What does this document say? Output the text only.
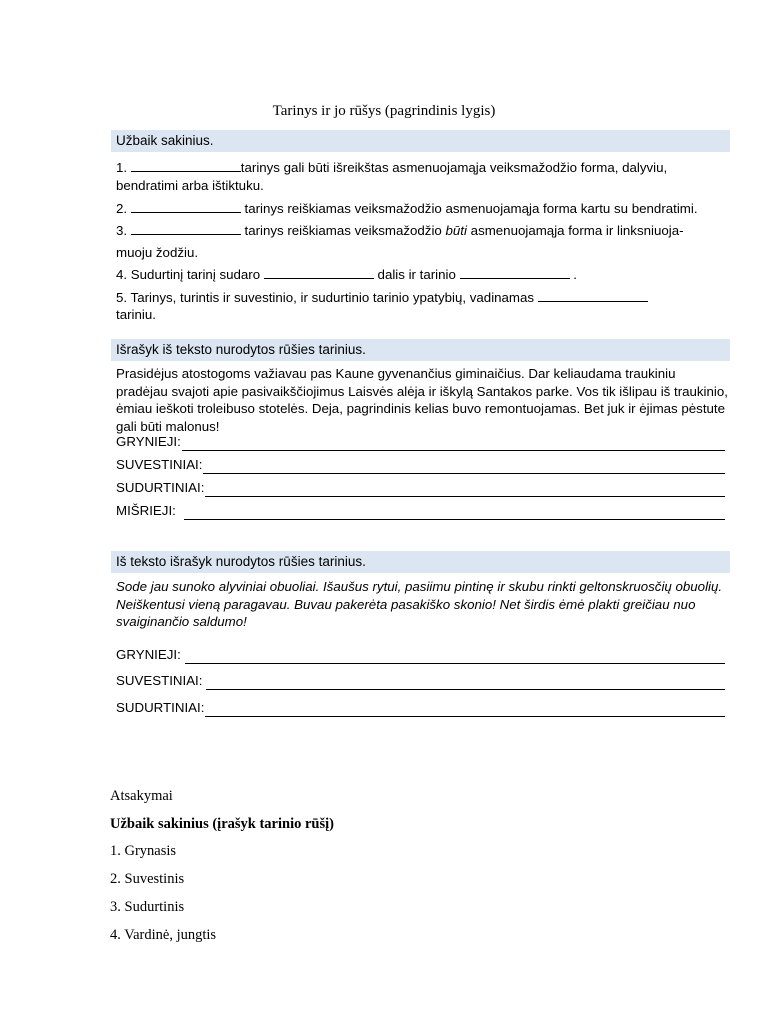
Tarinys ir jo rūšys (pagrindinis lygis)
Užbaik sakinius.
1.	tarinys gali būti išreikštas asmenuojamąja veiksmažodžio forma, dalyviu,
bendratimi arba ištiktuku.
2.	tarinys reiškiamas veiksmažodžio asmenuojamąja forma kartu su bendratimi.
3.	tarinys reiškiamas veiksmažodžio būti asmenuojamąja forma ir linksniuoja-
muoju žodžiu.
4. Sudurtinį tarinį sudaro	dalis ir tarinio	.
5. Tarinys, turintis ir suvestinio, ir sudurtinio tarinio ypatybių, vadinamas
tariniu.
Išrašyk iš teksto nurodytos rūšies tarinius.
Prasidėjus atostogoms važiavau pas Kaune gyvenančius giminaičius. Dar keliaudama traukiniu pradėjau svajoti apie pasivaikščiojimus Laisvės alėja ir iškylą Santakos parke. Vos tik išlipau iš traukinio, ėmiau ieškoti troleibuso stotelės. Deja, pagrindinis kelias buvo remontuojamas. Bet juk ir ėjimas pėstute gali būti malonus!
GRYNIEJI:
SUVESTINIAI:
SUDURTINIAI:
MIŠRIEJI:
Iš teksto išrašyk nurodytos rūšies tarinius.
Sode jau sunoko alyviniai obuoliai. Išaušus rytui, pasiimu pintinę ir skubu rinkti geltonskruosčių obuolių. Neiškentusi vieną paragavau. Buvau pakerėta pasakiško skonio! Net širdis ėmė plakti greičiau nuo svaiginančio saldumo!
GRYNIEJI:
SUVESTINIAI:
SUDURTINIAI:
Atsakymai
Užbaik sakinius (įrašyk tarinio rūšį)
1. Grynasis
2. Suvestinis
3. Sudurtinis
4. Vardinė, jungtis
